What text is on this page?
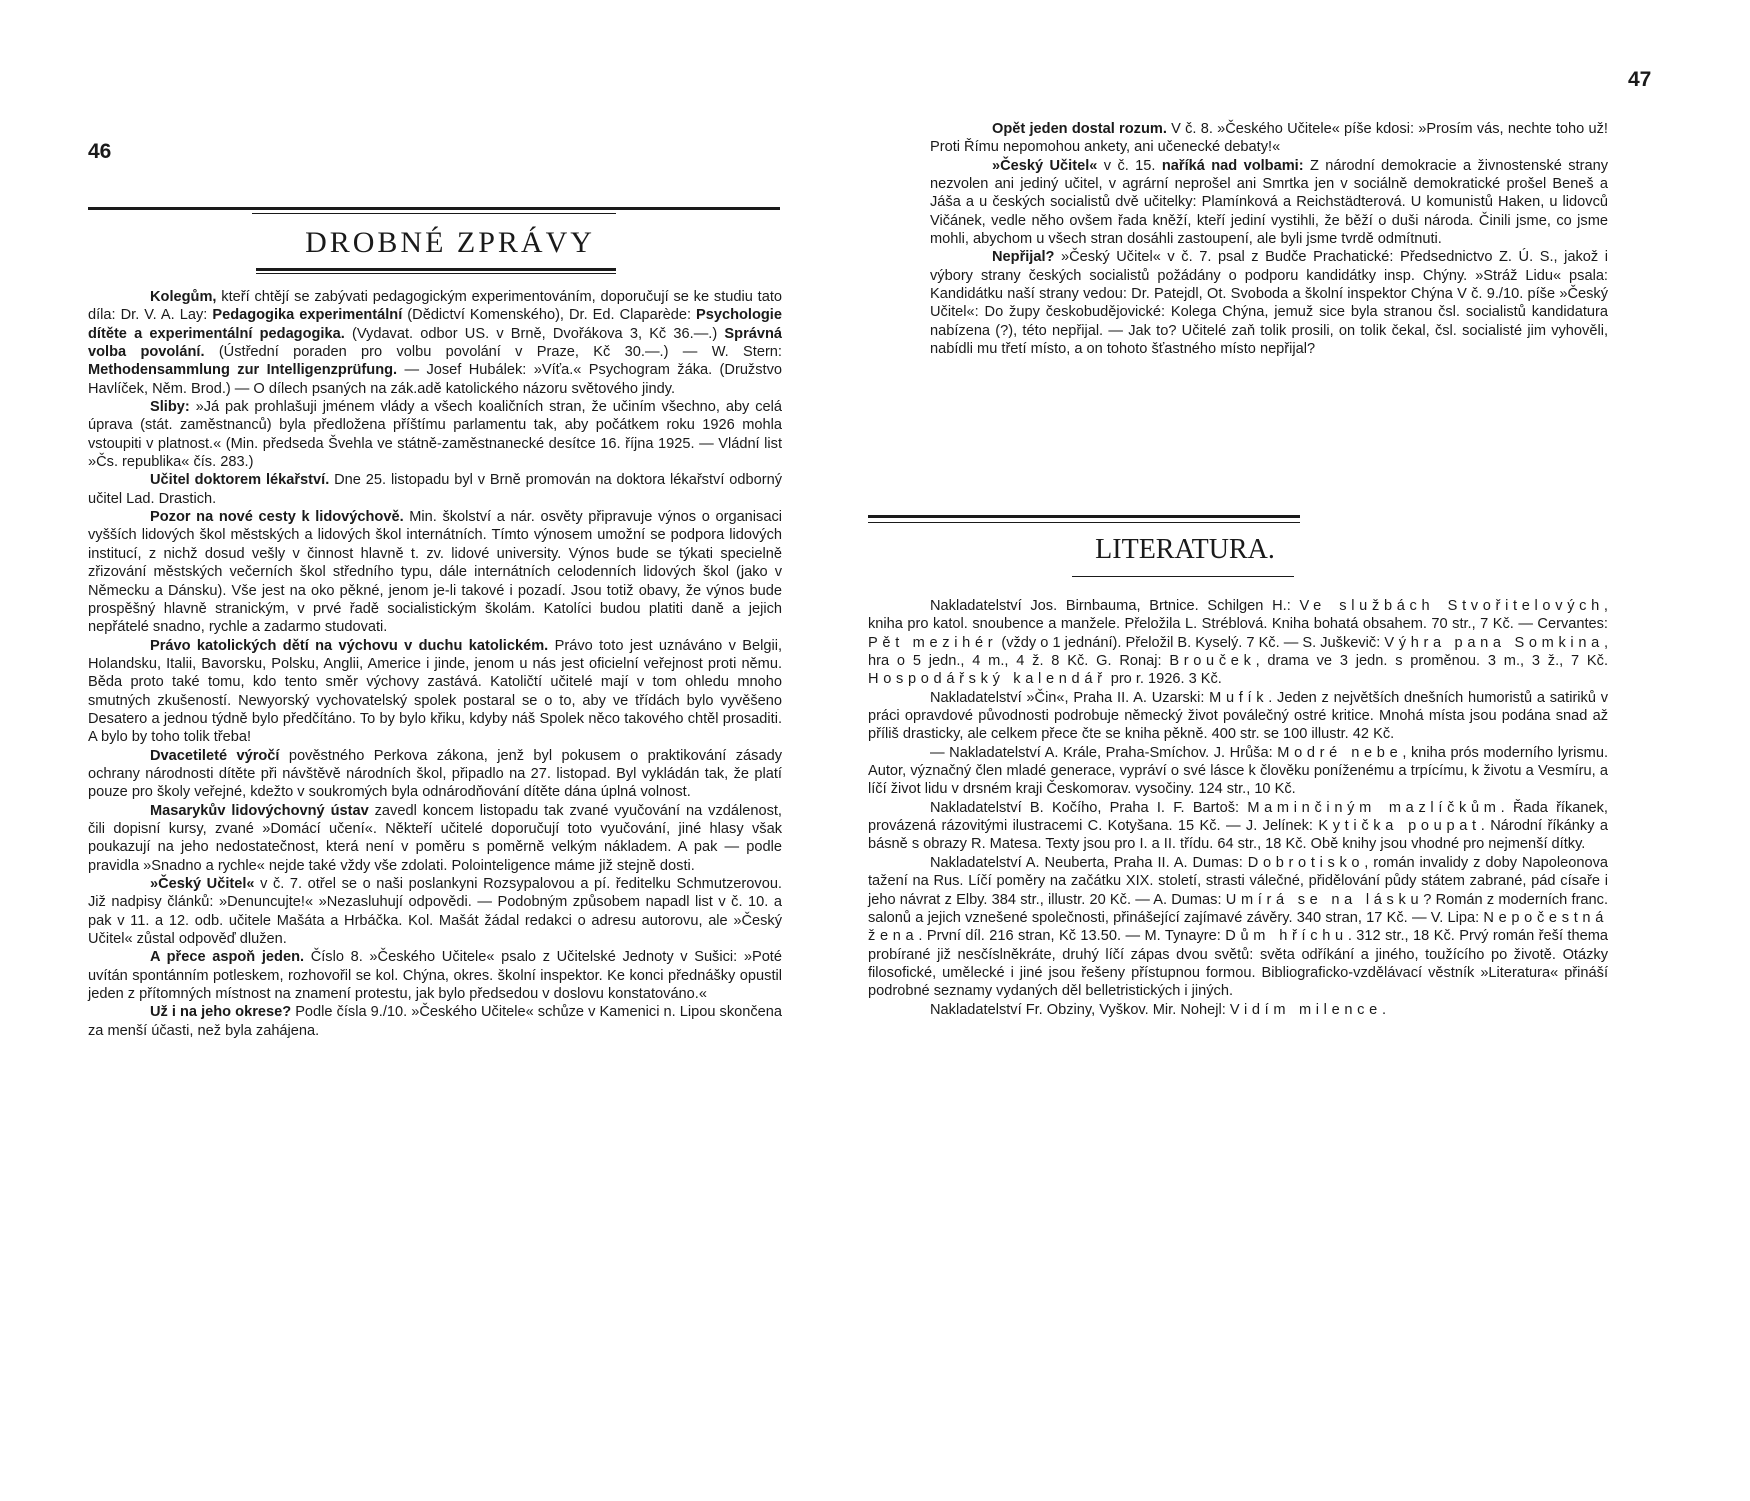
46
DROBNÉ ZPRÁVY

Kolegům, kteří chtějí se zabývati pedagogickým experimentováním, doporučují se ke studiu tato díla: Dr. V. A. Lay: Pedagogika experimentální (Dědictví Komenského), Dr. Ed. Claparède: Psychologie dítěte a experimentální pedagogika. (Vydavat. odbor US. v Brně, Dvořákova 3, Kč 36.—.) Správná volba povolání. (Ústřední poraden pro volbu povolání v Praze, Kč 30.—.) — W. Stern: Methodensammlung zur Intelligenzprüfung. — Josef Hubálek: »Víťa.« Psychogram žáka. (Družstvo Havlíček, Něm. Brod.) — O dílech psaných na zák.adě katolického názoru světového jindy.

Sliby: »Já pak prohlašuji jménem vlády a všech koaličních stran, že učiním všechno, aby celá úprava (stát. zaměstnanců) byla předložena příštímu parlamentu tak, aby počátkem roku 1926 mohla vstoupiti v platnost.« (Min. předseda Švehla ve státně-zaměstnanecké desítce 16. října 1925. — Vládní list »Čs. republika« čís. 283.)

Učitel doktorem lékařství. Dne 25. listopadu byl v Brně promován na doktora lékařství odborný učitel Lad. Drastich.

Pozor na nové cesty k lidovýchově. Min. školství a nár. osvěty připravuje výnos o organisaci vyšších lidových škol městských a lidových škol internátních. Tímto výnosem umožní se podpora lidových institucí, z nichž dosud vešly v činnost hlavně t. zv. lidové university. Výnos bude se týkati specielně zřizování městských večerních škol středního typu, dále internátních celodenních lidových škol (jako v Německu a Dánsku). Vše jest na oko pěkné, jenom je-li takové i pozadí. Jsou totiž obavy, že výnos bude prospěšný hlavně stranickým, v prvé řadě socialistickým školám. Katolíci budou platiti daně a jejich nepřátelé snadno, rychle a zadarmo studovati.

Právo katolických dětí na výchovu v duchu katolickém. Právo toto jest uznáváno v Belgii, Holandsku, Italii, Bavorsku, Polsku, Anglii, Americe i jinde, jenom u nás jest oficielní veřejnost proti němu. Běda proto také tomu, kdo tento směr výchovy zastává. Katoličtí učitelé mají v tom ohledu mnoho smutných zkušeností. Newyorský vychovatelský spolek postaral se o to, aby ve třídách bylo vyvěšeno Desatero a jednou týdně bylo předčítáno. To by bylo křiku, kdyby náš Spolek něco takového chtěl prosaditi. A bylo by toho tolik třeba!

Dvacetileté výročí pověstného Perkova zákona, jenž byl pokusem o praktikování zásady ochrany národnosti dítěte při návštěvě národních škol, připadlo na 27. listopad. Byl vykládán tak, že platí pouze pro školy veřejné, kdežto v soukromých byla odnárodňování dítěte dána úplná volnost.

Masarykův lidovýchovný ústav zavedl koncem listopadu tak zvané vyučování na vzdálenost, čili dopisní kursy, zvané »Domácí učení«. Někteří učitelé doporučují toto vyučování, jiné hlasy však poukazují na jeho nedostatečnost, která není v poměru s poměrně velkým nákladem. A pak — podle pravidla »Snadno a rychle« nejde také vždy vše zdolati. Polointeligence máme již stejně dosti.

»Český Učitel« v č. 7. otřel se o naši poslankyni Rozsypalovou a pí. ředitelku Schmutzerovou. Již nadpisy článků: »Denuncujte!« »Nezasluhují odpovědi. — Podobným způsobem napadl list v č. 10. a pak v 11. a 12. odb. učitele Mašáta a Hrbáčka. Kol. Mašát žádal redakci o adresu autorovu, ale »Český Učitel« zůstal odpověď dlužen.

A přece aspoň jeden. Číslo 8. »Českého Učitele« psalo z Učitelské Jednoty v Sušici: »Poté uvítán spontánním potleskem, rozhovořil se kol. Chýna, okres. školní inspektor. Ke konci přednášky opustil jeden z přítomných místnost na znamení protestu, jak bylo předsedou v doslovu konstatováno.«

Už i na jeho okrese? Podle čísla 9./10. »Českého Učitele« schůze v Kamenici n. Lipou skončena za menší účasti, než byla zahájena.

47

Opět jeden dostal rozum. V č. 8. »Českého Učitele« píše kdosi: »Prosím vás, nechte toho už! Proti Římu nepomohou ankety, ani učenecké debaty!«

»Český Učitel« v č. 15. naříká nad volbami: Z národní demokracie a živnostenské strany nezvolen ani jediný učitel, v agrární neprošel ani Smrtka jen v sociálně demokratické prošel Beneš a Jáša a u českých socialistů dvě učitelky: Plamínková a Reichstädterová. U komunistů Haken, u lidovců Vičánek, vedle něho ovšem řada kněží, kteří jediní vystihli, že běží o duši národa. Činili jsme, co jsme mohli, abychom u všech stran dosáhli zastoupení, ale byli jsme tvrdě odmítnuti.

Nepřijal? »Český Učitel« v č. 7. psal z Budče Prachatické: Předsednictvo Z. Ú. S., jakož i výbory strany českých socialistů požádány o podporu kandidátky insp. Chýny. »Stráž Lidu« psala: Kandidátku naší strany vedou: Dr. Patejdl, Ot. Svoboda a školní inspektor Chýna V č. 9./10. píše »Český Učitel«: Do župy českobudějovické: Kolega Chýna, jemuž sice byla stranou čsl. socialistů kandidatura nabízena (?), této nepřijal. — Jak to? Učitelé zaň tolik prosili, on tolik čekal, čsl. socialisté jim vyhověli, nabídli mu třetí místo, a on tohoto šťastného místo nepřijal?

LITERATURA.

Nakladatelství Jos. Birnbauma, Brtnice. Schilgen H.: Ve službách Stvořitelových, kniha pro katol. snoubence a manžele. Přeložila L. Stréblová. Kniha bohatá obsahem. 70 str., 7 Kč. — Cervantes: Pět mezihér (vždy o 1 jednání). Přeložil B. Kyselý. 7 Kč. — S. Juškevič: Výhra pana Somkina, hra o 5 jedn., 4 m., 4 ž. 8 Kč. G. Ronaj: Brouček, drama ve 3 jedn. s proměnou. 3 m., 3 ž., 7 Kč. Hospodářský kalendář pro r. 1926. 3 Kč.

Nakladatelství »Čin«, Praha II. A. Uzarski: Mufík. Jeden z největších dnešních humoristů a satiriků v práci opravdové původnosti podrobuje německý život poválečný ostré kritice. Mnohá místa jsou podána snad až příliš drasticky, ale celkem přece čte se kniha pěkně. 400 str. se 100 illustr. 42 Kč.

— Nakladatelství A. Krále, Praha-Smíchov. J. Hrůša: Modré nebe, kniha prós moderního lyrismu. Autor, význačný člen mladé generace, vypráví o své lásce k člověku poníženému a trpícímu, k životu a Vesmíru, a líčí život lidu v drsném kraji Českomorav. vysočiny. 124 str., 10 Kč.

Nakladatelství B. Kočího, Praha I. F. Bartoš: Maminčiným mazlíčkům. Řada říkanek, provázená rázovitými ilustracemi C. Kotyšana. 15 Kč. — J. Jelínek: Kytička poupat. Národní říkánky a básně s obrazy R. Matesa. Texty jsou pro I. a II. třídu. 64 str., 18 Kč. Obě knihy jsou vhodné pro nejmenší dítky.

Nakladatelství A. Neuberta, Praha II. A. Dumas: Dobrotisko, román invalidy z doby Napoleonova tažení na Rus. Líčí poměry na začátku XIX. století, strasti válečné, přidělování půdy státem zabrané, pád císaře i jeho návrat z Elby. 384 str., illustr. 20 Kč. — A. Dumas: Umírá se na lásku? Román z moderních franc. salonů a jejich vznešené společnosti, přinášející zajímavé závěry. 340 stran, 17 Kč. — V. Lipa: Nepočestná žena. První díl. 216 stran, Kč 13.50. — M. Tynayre: Dům hříchu. 312 str., 18 Kč. Prvý román řeší thema probírané již nesčíslněkráte, druhý líčí zápas dvou světů: světa odříkání a jiného, toužícího po životě. Otázky filosofické, umělecké i jiné jsou řešeny přístupnou formou. Bibliograficko-vzdělávací věstník »Literatura« přináší podrobné seznamy vydaných děl belletristických i jiných.

Nakladatelství Fr. Obziny, Vyškov. Mir. Nohejl: Vidím milence.
